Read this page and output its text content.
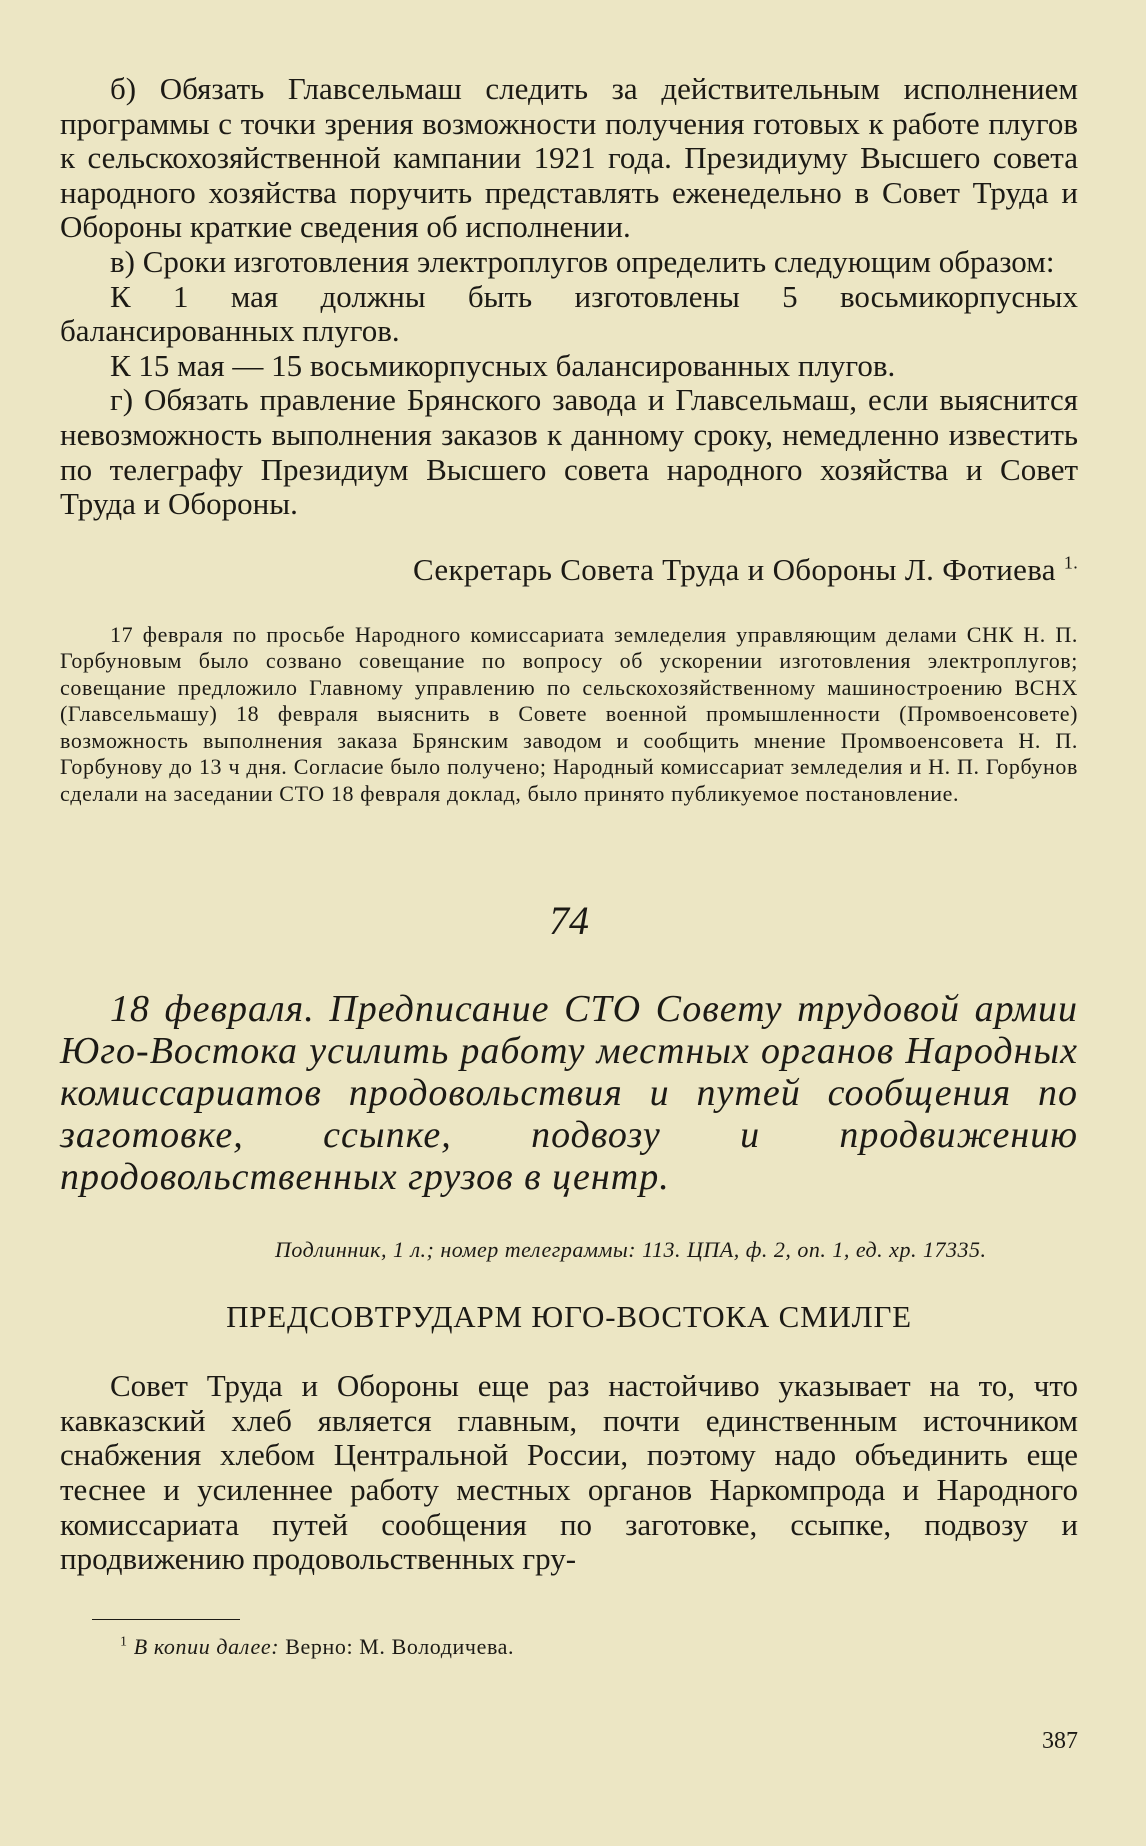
б) Обязать Главсельмаш следить за действительным исполнением программы с точки зрения возможности получения готовых к работе плугов к сельскохозяйственной кампании 1921 года. Президиуму Высшего совета народного хозяйства поручить представлять еженедельно в Совет Труда и Обороны краткие сведения об исполнении.

в) Сроки изготовления электроплугов определить следующим образом:

К 1 мая должны быть изготовлены 5 восьмикорпусных балансированных плугов.

К 15 мая — 15 восьмикорпусных балансированных плугов.

г) Обязать правление Брянского завода и Главсельмаш, если выяснится невозможность выполнения заказов к данному сроку, немедленно известить по телеграфу Президиум Высшего совета народного хозяйства и Совет Труда и Обороны.

Секретарь Совета Труда и Обороны Л. Фотиева $^{1.}$

17 февраля по просьбе Народного комиссариата земледелия управляющим делами СНК Н. П. Горбуновым было созвано совещание по вопросу об ускорении изготовления электроплугов; совещание предложило Главному управлению по сельскохозяйственному машиностроению ВСНХ (Главсельмашу) 18 февраля выяснить в Совете военной промышленности (Промвоенсовете) возможность выполнения заказа Брянским заводом и сообщить мнение Промвоенсовета Н. П. Горбунову до 13 ч дня. Согласие было получено; Народный комиссариат земледелия и Н. П. Горбунов сделали на заседании СТО 18 февраля доклад, было принято публикуемое постановление.

74

18 февраля. Предписание СТО Совету трудовой армии Юго-Востока усилить работу местных органов Народных комиссариатов продовольствия и путей сообщения по заготовке, ссыпке, подвозу и продвижению продовольственных грузов в центр.

Подлинник, 1 л.; номер телеграммы: 113. ЦПА, ф. 2, оп. 1, ед. хр. 17335.

ПРЕДСОВТРУДАРМ ЮГО-ВОСТОКА СМИЛГЕ

Совет Труда и Обороны еще раз настойчиво указывает на то, что кавказский хлеб является главным, почти единственным источником снабжения хлебом Центральной России, поэтому надо объединить еще теснее и усиленнее работу местных органов Наркомпрода и Народного комиссариата путей сообщения по заготовке, ссыпке, подвозу и продвижению продовольственных гру-

$^1$ В копии далее: Верно: М. Володичева.
387
